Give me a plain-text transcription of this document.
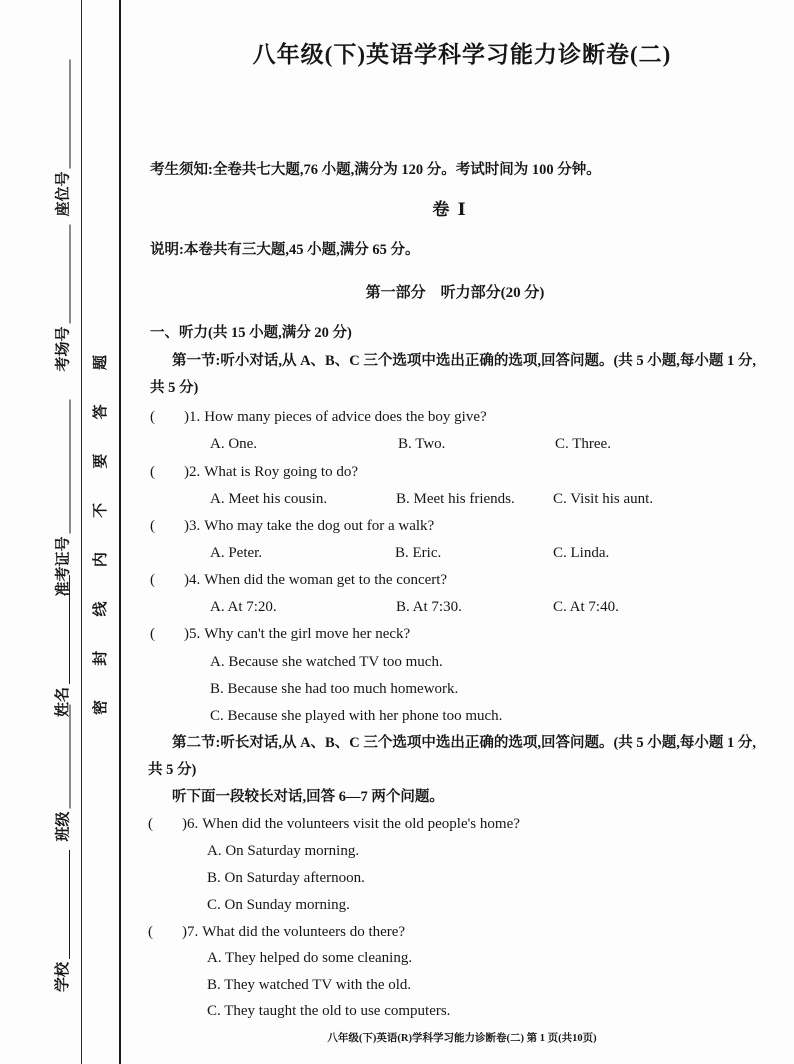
学校
班级
姓名
准考证号
考场号
座位号
密
封
线
内
不
要
答
题
八年级(下)英语学科学习能力诊断卷(二)
考生须知:全卷共七大题,76 小题,满分为 120 分。考试时间为 100 分钟。
卷 Ⅰ
说明:本卷共有三大题,45 小题,满分 65 分。
第一部分　听力部分(20 分)
一、听力(共 15 小题,满分 20 分)
第一节:听小对话,从 A、B、C 三个选项中选出正确的选项,回答问题。(共 5 小题,每小题 1 分,
共 5 分)
( )1. How many pieces of advice does the boy give?
A. One.	B. Two.	C. Three.
( )2. What is Roy going to do?
A. Meet his cousin.	B. Meet his friends.	C. Visit his aunt.
( )3. Who may take the dog out for a walk?
A. Peter.	B. Eric.	C. Linda.
( )4. When did the woman get to the concert?
A. At 7:20.	B. At 7:30.	C. At 7:40.
( )5. Why can't the girl move her neck?
A. Because she watched TV too much.
B. Because she had too much homework.
C. Because she played with her phone too much.
第二节:听长对话,从 A、B、C 三个选项中选出正确的选项,回答问题。(共 5 小题,每小题 1 分,
共 5 分)
听下面一段较长对话,回答 6—7 两个问题。
( )6. When did the volunteers visit the old people's home?
A. On Saturday morning.
B. On Saturday afternoon.
C. On Sunday morning.
( )7. What did the volunteers do there?
A. They helped do some cleaning.
B. They watched TV with the old.
C. They taught the old to use computers.
八年级(下)英语(R)学科学习能力诊断卷(二) 第 1 页(共10页)
